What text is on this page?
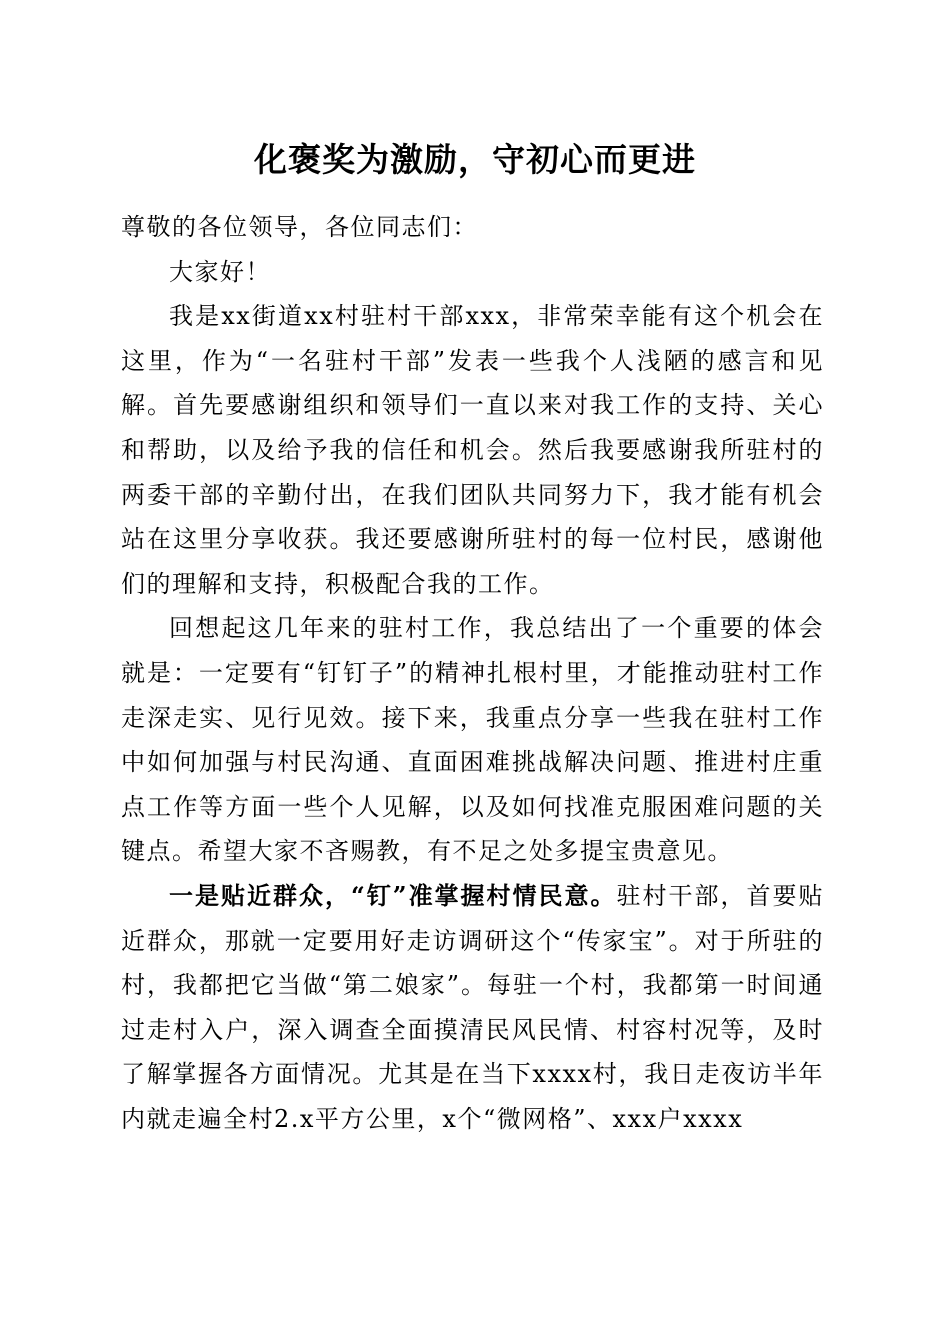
化褒奖为激励，守初心而更进

尊敬的各位领导，各位同志们：

大家好！

我是xx街道xx村驻村干部xxx，非常荣幸能有这个机会在这里，作为“一名驻村干部”发表一些我个人浅陋的感言和见解。首先要感谢组织和领导们一直以来对我工作的支持、关心和帮助，以及给予我的信任和机会。然后我要感谢我所驻村的两委干部的辛勤付出，在我们团队共同努力下，我才能有机会站在这里分享收获。我还要感谢所驻村的每一位村民，感谢他们的理解和支持，积极配合我的工作。

回想起这几年来的驻村工作，我总结出了一个重要的体会就是：一定要有“钉钉子”的精神扎根村里，才能推动驻村工作走深走实、见行见效。接下来，我重点分享一些我在驻村工作中如何加强与村民沟通、直面困难挑战解决问题、推进村庄重点工作等方面一些个人见解，以及如何找准克服困难问题的关键点。希望大家不吝赐教，有不足之处多提宝贵意见。

一是贴近群众，“钉”准掌握村情民意。驻村干部，首要贴近群众，那就一定要用好走访调研这个“传家宝”。对于所驻的村，我都把它当做“第二娘家”。每驻一个村，我都第一时间通过走村入户，深入调查全面摸清民风民情、村容村况等，及时了解掌握各方面情况。尤其是在当下xxxx村，我日走夜访半年内就走遍全村2.x平方公里，x个“微网格”、xxx户xxxx
